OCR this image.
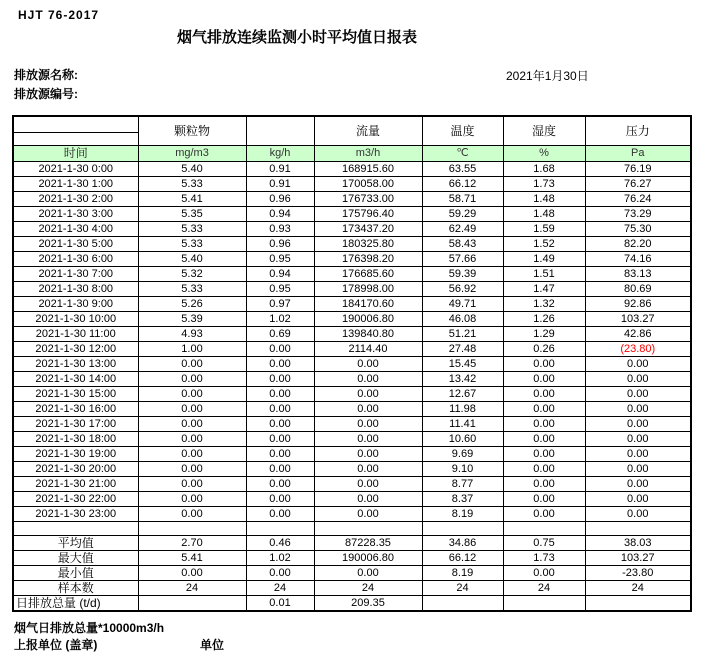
HJT 76-2017
烟气排放连续监测小时平均值日报表
排放源名称:
排放源编号:
2021年1月30日
	颗粒物		流量	温度	湿度	压力

时间	mg/m3	kg/h	m3/h	℃	%	Pa
2021-1-30 0:00	5.40	0.91	168915.60	63.55	1.68	76.19
2021-1-30 1:00	5.33	0.91	170058.00	66.12	1.73	76.27
2021-1-30 2:00	5.41	0.96	176733.00	58.71	1.48	76.24
2021-1-30 3:00	5.35	0.94	175796.40	59.29	1.48	73.29
2021-1-30 4:00	5.33	0.93	173437.20	62.49	1.59	75.30
2021-1-30 5:00	5.33	0.96	180325.80	58.43	1.52	82.20
2021-1-30 6:00	5.40	0.95	176398.20	57.66	1.49	74.16
2021-1-30 7:00	5.32	0.94	176685.60	59.39	1.51	83.13
2021-1-30 8:00	5.33	0.95	178998.00	56.92	1.47	80.69
2021-1-30 9:00	5.26	0.97	184170.60	49.71	1.32	92.86
2021-1-30 10:00	5.39	1.02	190006.80	46.08	1.26	103.27
2021-1-30 11:00	4.93	0.69	139840.80	51.21	1.29	42.86
2021-1-30 12:00	1.00	0.00	2114.40	27.48	0.26	(23.80)
2021-1-30 13:00	0.00	0.00	0.00	15.45	0.00	0.00
2021-1-30 14:00	0.00	0.00	0.00	13.42	0.00	0.00
2021-1-30 15:00	0.00	0.00	0.00	12.67	0.00	0.00
2021-1-30 16:00	0.00	0.00	0.00	11.98	0.00	0.00
2021-1-30 17:00	0.00	0.00	0.00	11.41	0.00	0.00
2021-1-30 18:00	0.00	0.00	0.00	10.60	0.00	0.00
2021-1-30 19:00	0.00	0.00	0.00	9.69	0.00	0.00
2021-1-30 20:00	0.00	0.00	0.00	9.10	0.00	0.00
2021-1-30 21:00	0.00	0.00	0.00	8.77	0.00	0.00
2021-1-30 22:00	0.00	0.00	0.00	8.37	0.00	0.00
2021-1-30 23:00	0.00	0.00	0.00	8.19	0.00	0.00

平均值	2.70	0.46	87228.35	34.86	0.75	38.03
最大值	5.41	1.02	190006.80	66.12	1.73	103.27
最小值	0.00	0.00	0.00	8.19	0.00	-23.80
样本数	24	24	24	24	24	24
日排放总量 (t/d)		0.01	209.35			
烟气日排放总量*10000m3/h
上报单位 (盖章)	单位
